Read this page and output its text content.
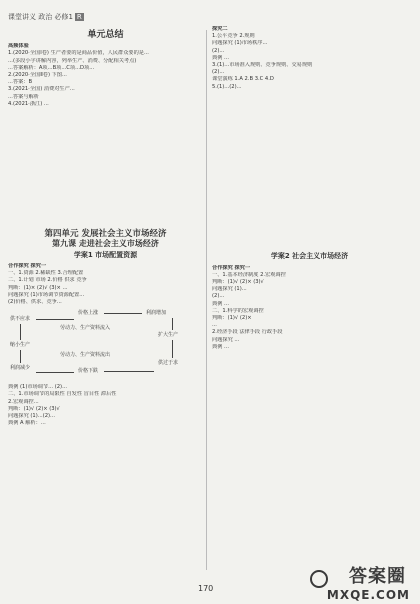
课堂讲义 政治 必修1 R
单元总结
高频体验
1.(2020·全国Ⅰ卷) 生产者要的是商品价值，人民群众要的是...
...(多段小字讲解内容，列举生产、消费、分配相关考点)
...答案解析：A项...B项...C项...D项...
2.(2020·全国Ⅱ卷) 下图...
...答案：B
3.(2021·全国) 消费对生产...
...答案与解析
4.(2021·浙江) ...

第四单元 发展社会主义市场经济
第九课 走进社会主义市场经济
学案1 市场配置资源
合作探究 探究一
一、1.资源 2.稀缺性 3.合理配置
二、1.计划 市场 2.价格 供求 竞争
判断：(1)× (2)√ (3)× ...
问题探究 (1)市场调节资源配置...
(2)价格、供求、竞争...
供不应求
价格上涨	利润增加
扩大生产
劳动力、生产资料流入
缩小生产
劳动力、生产资料流出
利润减少	价格下跌
供过于求
典例 (1)市场调节... (2)...
二、1.市场调节的局限性 自发性 盲目性 滞后性
2.宏观调控...
判断：(1)√ (2)× (3)√
问题探究 (1)...(2)...
典例 A 解析：...
探究二
1.公平竞争 2.规则
问题探究 (1)市场秩序...
(2)...
典例 ...
3.(1)...市场准入规则、竞争规则、交易规则
(2)...
课堂演练 1.A 2.B 3.C 4.D
5.(1)...(2)...

学案2 社会主义市场经济
合作探究 探究一
一、1.基本经济制度 2.宏观调控
判断：(1)√ (2)× (3)√
问题探究 (1)...
(2)...
典例 ...
二、1.科学的宏观调控
判断：(1)√ (2)×
...
2.经济手段 法律手段 行政手段
问题探究 ...
典例 ...
170
答案圈
MXQE.COM
